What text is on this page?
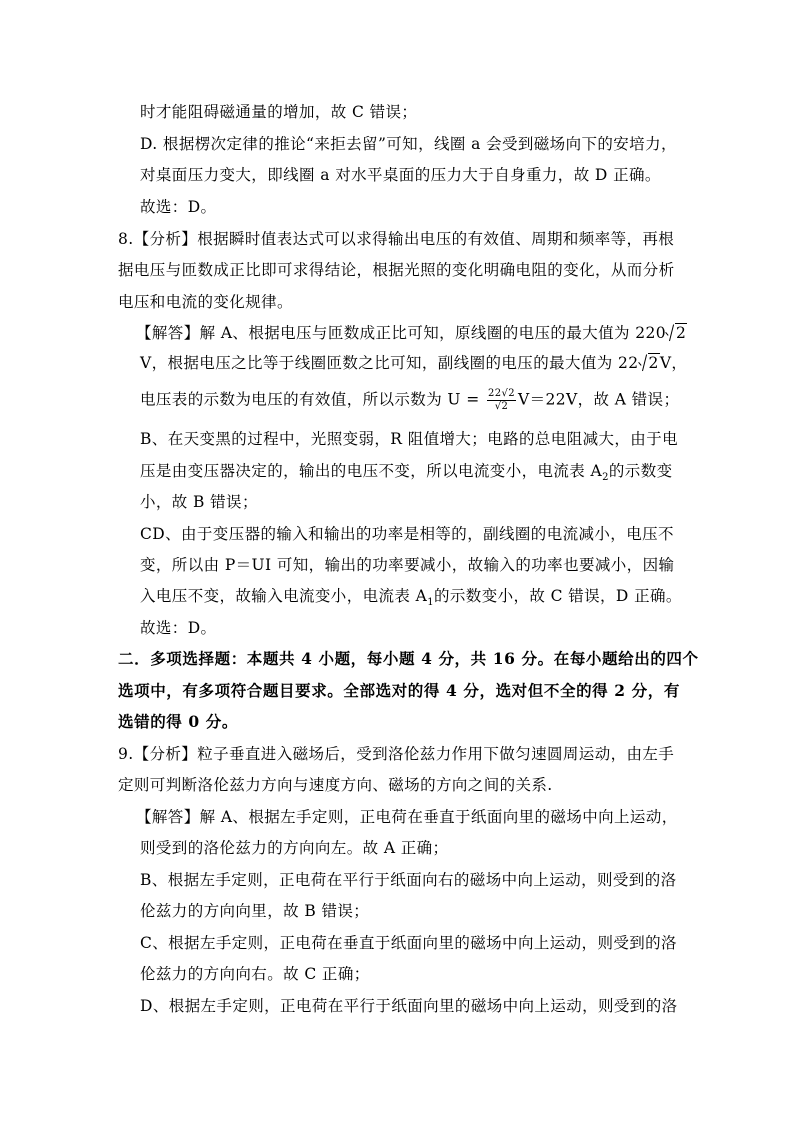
时才能阻碍磁通量的增加，故 C 错误；
D. 根据楞次定律的推论“来拒去留”可知，线圈 a 会受到磁场向下的安培力，
对桌面压力变大，即线圈 a 对水平桌面的压力大于自身重力，故 D 正确。
故选：D。
8.【分析】根据瞬时值表达式可以求得输出电压的有效值、周期和频率等，再根
据电压与匝数成正比即可求得结论，根据光照的变化明确电阻的变化，从而分析
电压和电流的变化规律。
【解答】解 A、根据电压与匝数成正比可知，原线圈的电压的最大值为 220 2
V，根据电压之比等于线圈匝数之比可知，副线圈的电压的最大值为 22 2V，
电压表的示数为电压的有效值，所以示数为 $U = \frac{22√2}{√2} V=22V$，故 A 错误；
B、在天变黑的过程中，光照变弱，R 阻值增大；电路的总电阻减大，由于电
压是由变压器决定的，输出的电压不变，所以电流变小，电流表 $A_2$的示数变
小，故 B 错误；
CD、由于变压器的输入和输出的功率是相等的，副线圈的电流减小，电压不
变，所以由 P＝UI 可知，输出的功率要减小，故输入的功率也要减小，因输
入电压不变，故输入电流变小，电流表 $A_1$的示数变小，故 C 错误，D 正确。
故选：D。
二．多项选择题：本题共 4 小题，每小题 4 分，共 16 分。在每小题给出的四个
选项中，有多项符合题目要求。全部选对的得 4 分，选对但不全的得 2 分，有
选错的得 0 分。
9.【分析】粒子垂直进入磁场后，受到洛伦兹力作用下做匀速圆周运动，由左手
定则可判断洛伦兹力方向与速度方向、磁场的方向之间的关系.
【解答】解 A、根据左手定则，正电荷在垂直于纸面向里的磁场中向上运动，
则受到的洛伦兹力的方向向左。故 A 正确；
B、根据左手定则，正电荷在平行于纸面向右的磁场中向上运动，则受到的洛
伦兹力的方向向里，故 B 错误；
C、根据左手定则，正电荷在垂直于纸面向里的磁场中向上运动，则受到的洛
伦兹力的方向向右。故 C 正确；
D、根据左手定则，正电荷在平行于纸面向里的磁场中向上运动，则受到的洛
